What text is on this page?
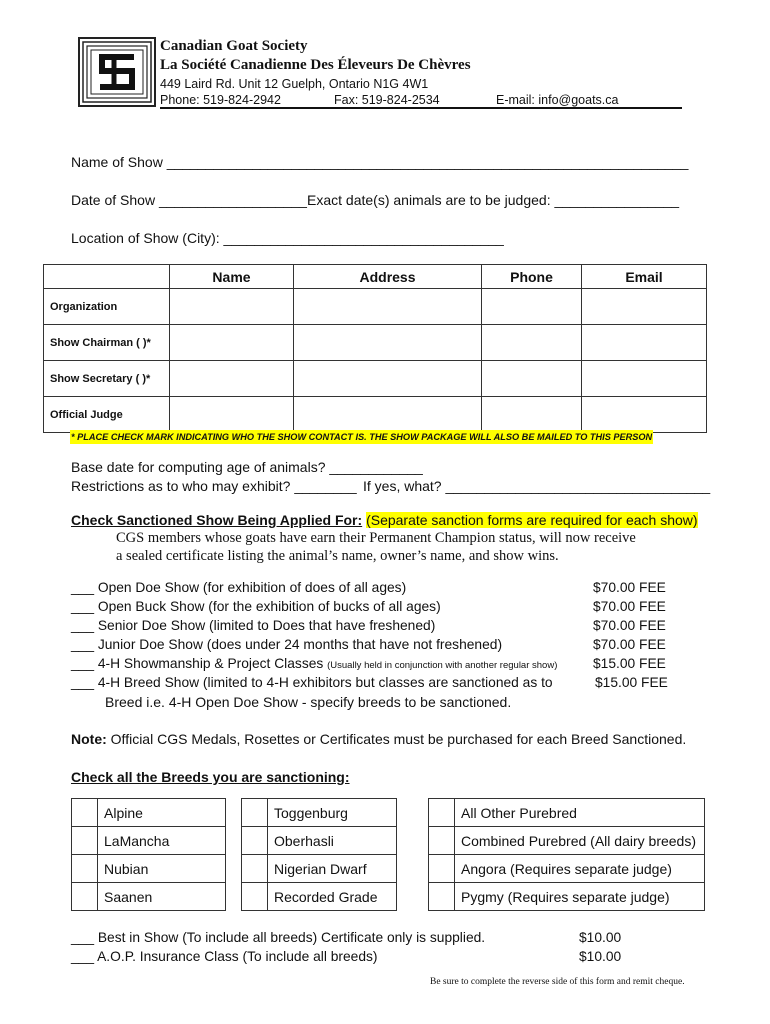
Canadian Goat Society
La Société Canadienne Des Éleveurs De Chèvres
449 Laird Rd. Unit 12 Guelph, Ontario N1G 4W1
Phone: 519-824-2942	Fax: 519-824-2534	E-mail: info@goats.ca
Name of Show ___________________________________________________________________
Date of Show ___________________ Exact date(s) animals are to be judged: ________________
Location of Show (City): ____________________________________
	Name	Address	Phone	Email
Organization				
Show Chairman ( )*				
Show Secretary ( )*				
Official Judge				
* PLACE CHECK MARK INDICATING WHO THE SHOW CONTACT IS. THE SHOW PACKAGE WILL ALSO BE MAILED TO THIS PERSON
Base date for computing age of animals? ____________
Restrictions as to who may exhibit? ________ If yes, what? __________________________________
Check Sanctioned Show Being Applied For: (Separate sanction forms are required for each show)
CGS members whose goats have earn their Permanent Champion status, will now receive
a sealed certificate listing the animal’s name, owner’s name, and show wins.
___ Open Doe Show (for exhibition of does of all ages)	$70.00 FEE
___ Open Buck Show (for the exhibition of bucks of all ages)	$70.00 FEE
___ Senior Doe Show (limited to Does that have freshened)	$70.00 FEE
___ Junior Doe Show (does under 24 months that have not freshened)	$70.00 FEE
___ 4-H Showmanship & Project Classes (Usually held in conjunction with another regular show)	$15.00 FEE
___ 4-H Breed Show (limited to 4-H exhibitors but classes are sanctioned as to	$15.00 FEE
Breed i.e. 4-H Open Doe Show - specify breeds to be sanctioned.
Note: Official CGS Medals, Rosettes or Certificates must be purchased for each Breed Sanctioned.
Check all the Breeds you are sanctioning:
	Alpine
	LaMancha
	Nubian
	Saanen
	Toggenburg
	Oberhasli
	Nigerian Dwarf
	Recorded Grade
	All Other Purebred
	Combined Purebred (All dairy breeds)
	Angora (Requires separate judge)
	Pygmy (Requires separate judge)
___ Best in Show (To include all breeds) Certificate only is supplied.	$10.00
___ A.O.P. Insurance Class (To include all breeds)	$10.00
Be sure to complete the reverse side of this form and remit cheque.
